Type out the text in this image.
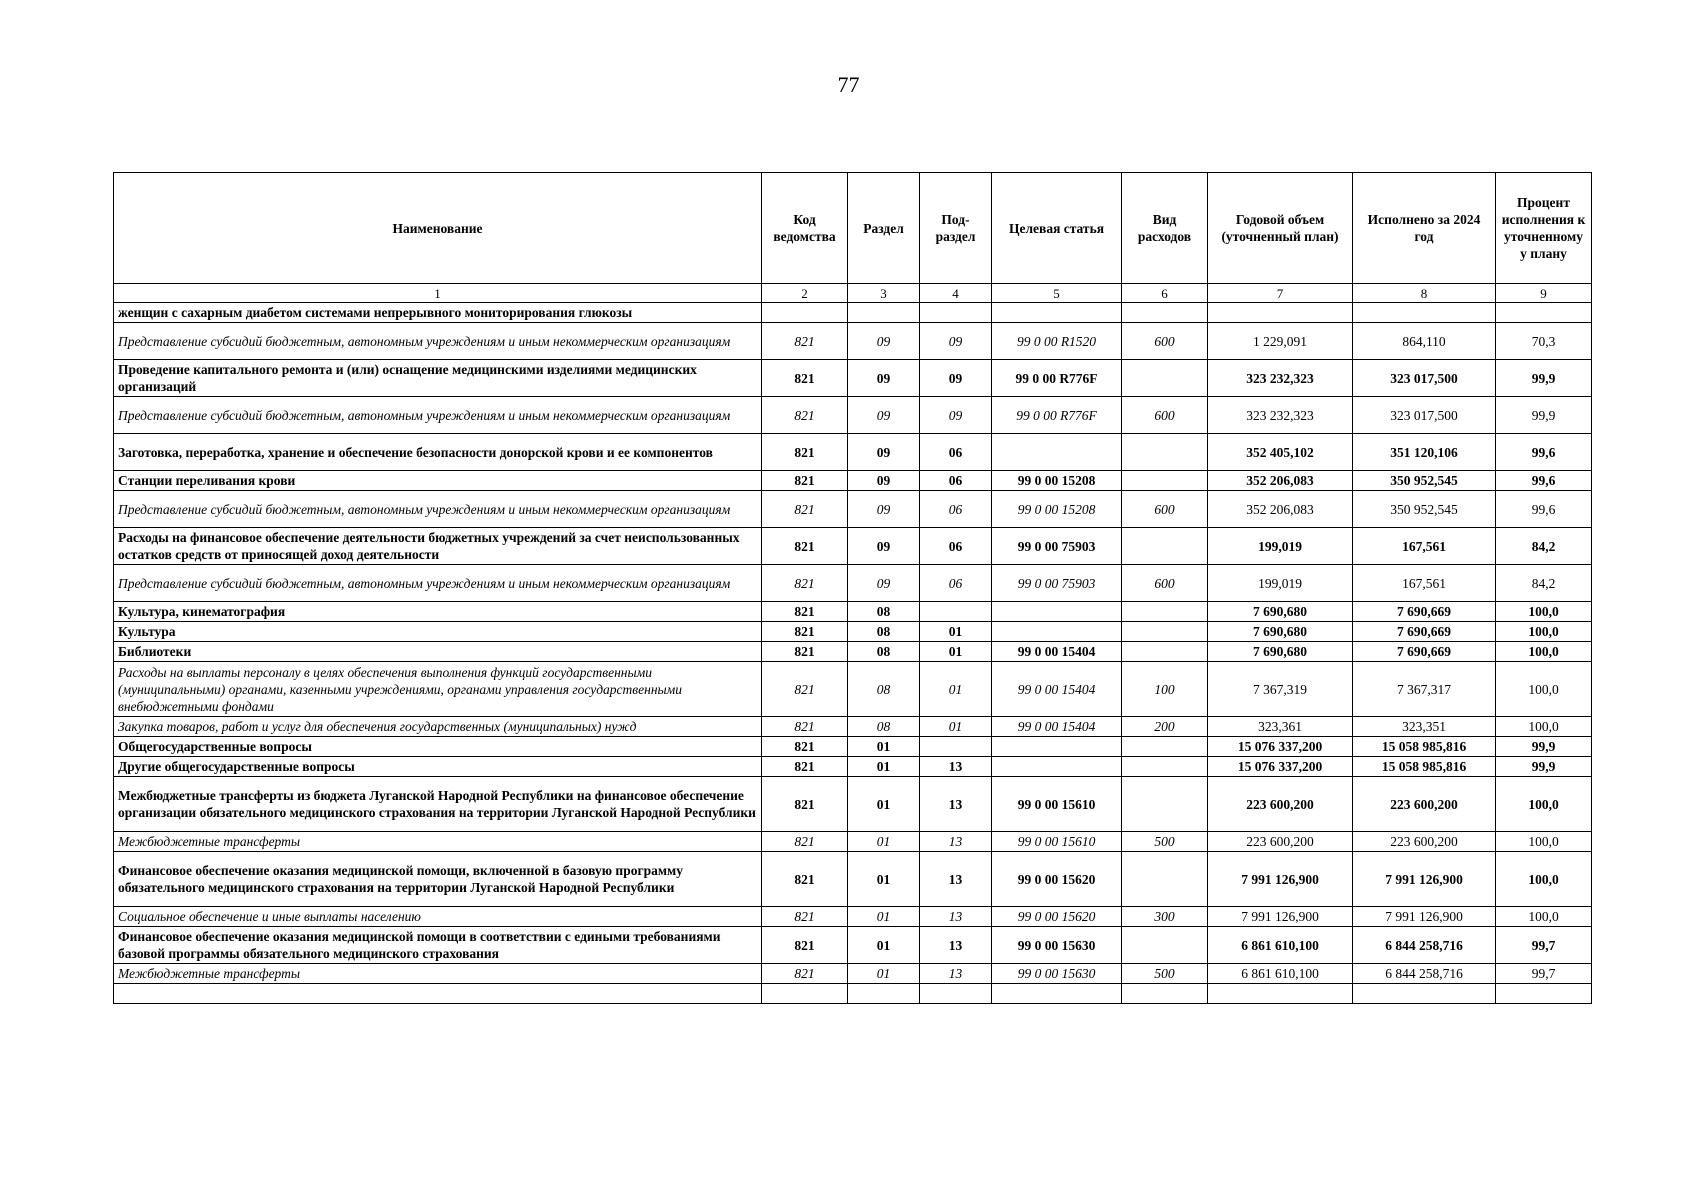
77
Наименование	Код ведомства	Раздел	Под-раздел	Целевая статья	Вид расходов	Годовой объем (уточненный план)	Исполнено за 2024 год	Процент исполнения к уточненному у плану
1	2	3	4	5	6	7	8	9
женщин с сахарным диабетом системами непрерывного мониторирования глюкозы								
Представление субсидий бюджетным, автономным учреждениям и иным некоммерческим организациям	821	09	09	99 0 00 R1520	600	1 229,091	864,110	70,3
Проведение капитального ремонта и (или) оснащение медицинскими изделиями медицинских организаций	821	09	09	99 0 00 R776F		323 232,323	323 017,500	99,9
Представление субсидий бюджетным, автономным учреждениям и иным некоммерческим организациям	821	09	09	99 0 00 R776F	600	323 232,323	323 017,500	99,9
Заготовка, переработка, хранение и обеспечение безопасности донорской крови и ее компонентов	821	09	06			352 405,102	351 120,106	99,6
Станции переливания крови	821	09	06	99 0 00 15208		352 206,083	350 952,545	99,6
Представление субсидий бюджетным, автономным учреждениям и иным некоммерческим организациям	821	09	06	99 0 00 15208	600	352 206,083	350 952,545	99,6
Расходы на финансовое обеспечение деятельности бюджетных учреждений за счет неиспользованных остатков средств от приносящей доход деятельности	821	09	06	99 0 00 75903		199,019	167,561	84,2
Представление субсидий бюджетным, автономным учреждениям и иным некоммерческим организациям	821	09	06	99 0 00 75903	600	199,019	167,561	84,2
Культура, кинематография	821	08				7 690,680	7 690,669	100,0
Культура	821	08	01			7 690,680	7 690,669	100,0
Библиотеки	821	08	01	99 0 00 15404		7 690,680	7 690,669	100,0
Расходы на выплаты персоналу в целях обеспечения выполнения функций государственными (муниципальными) органами, казенными учреждениями, органами управления государственными внебюджетными фондами	821	08	01	99 0 00 15404	100	7 367,319	7 367,317	100,0
Закупка товаров, работ и услуг для обеспечения государственных (муниципальных) нужд	821	08	01	99 0 00 15404	200	323,361	323,351	100,0
Общегосударственные вопросы	821	01				15 076 337,200	15 058 985,816	99,9
Другие общегосударственные вопросы	821	01	13			15 076 337,200	15 058 985,816	99,9
Межбюджетные трансферты из бюджета Луганской Народной Республики на финансовое обеспечение организации обязательного медицинского страхования на территории Луганской Народной Республики	821	01	13	99 0 00 15610		223 600,200	223 600,200	100,0
Межбюджетные трансферты	821	01	13	99 0 00 15610	500	223 600,200	223 600,200	100,0
Финансовое обеспечение оказания медицинской помощи, включенной в базовую программу обязательного медицинского страхования на территории Луганской Народной Республики	821	01	13	99 0 00 15620		7 991 126,900	7 991 126,900	100,0
Социальное обеспечение и иные выплаты населению	821	01	13	99 0 00 15620	300	7 991 126,900	7 991 126,900	100,0
Финансовое обеспечение оказания медицинской помощи в соответствии с едиными требованиями базовой программы обязательного медицинского страхования	821	01	13	99 0 00 15630		6 861 610,100	6 844 258,716	99,7
Межбюджетные трансферты	821	01	13	99 0 00 15630	500	6 861 610,100	6 844 258,716	99,7
